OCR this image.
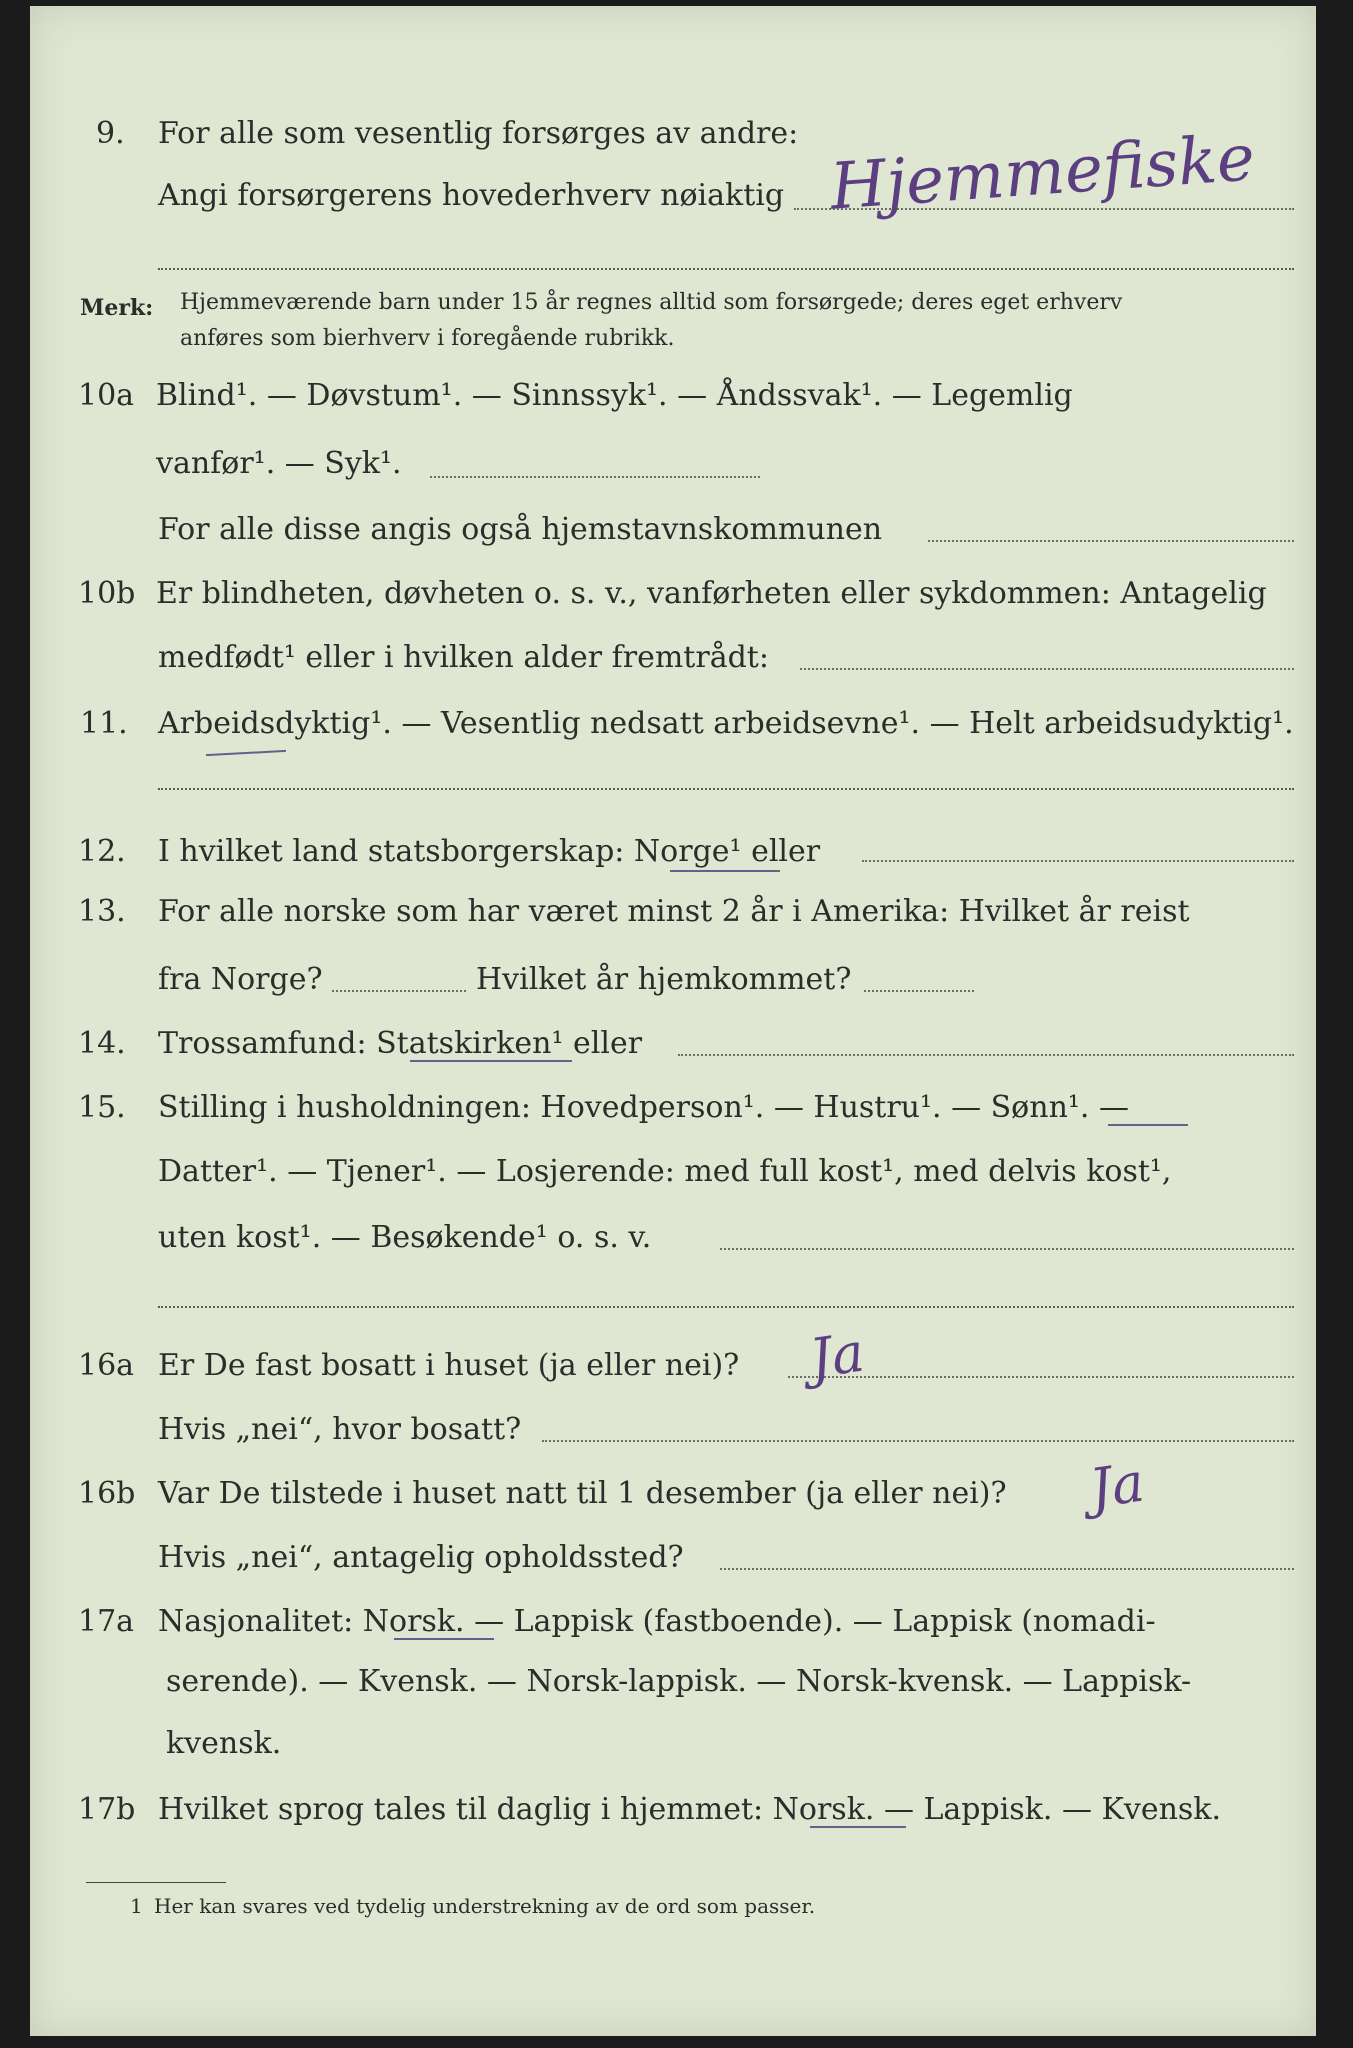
9. For alle som vesentlig forsørges av andre:
Angi forsørgerens hovederhverv nøiaktig Hjemmefiske
Merk: Hjemmeværende barn under 15 år regnes alltid som forsørgede; deres eget erhverv
anføres som bierhverv i foregående rubrikk.
10a Blind¹. — Døvstum¹. — Sinnssyk¹. — Åndssvak¹. — Legemlig
vanfør¹. — Syk¹.
For alle disse angis også hjemstavnskommunen
10b Er blindheten, døvheten o. s. v., vanførheten eller sykdommen: Antagelig
medfødt¹ eller i hvilken alder fremtrådt:
11. Arbeidsdyktig¹. — Vesentlig nedsatt arbeidsevne¹. — Helt arbeidsudyktig¹.
12. I hvilket land statsborgerskap: Norge¹ eller
13. For alle norske som har været minst 2 år i Amerika: Hvilket år reist
fra Norge?	Hvilket år hjemkommet?
14. Trossamfund: Statskirken¹ eller
15. Stilling i husholdningen: Hovedperson¹. — Hustru¹. — Sønn¹. —
Datter¹. — Tjener¹. — Losjerende: med full kost¹, med delvis kost¹,
uten kost¹. — Besøkende¹ o. s. v.
16a Er De fast bosatt i huset (ja eller nei)? Ja
Hvis „nei“, hvor bosatt?
16b Var De tilstede i huset natt til 1 desember (ja eller nei)? Ja
Hvis „nei“, antagelig opholdssted?
17a Nasjonalitet: Norsk. — Lappisk (fastboende). — Lappisk (nomadi-
serende). — Kvensk. — Norsk-lappisk. — Norsk-kvensk. — Lappisk-
kvensk.
17b Hvilket sprog tales til daglig i hjemmet: Norsk. — Lappisk. — Kvensk.
1 Her kan svares ved tydelig understrekning av de ord som passer.
